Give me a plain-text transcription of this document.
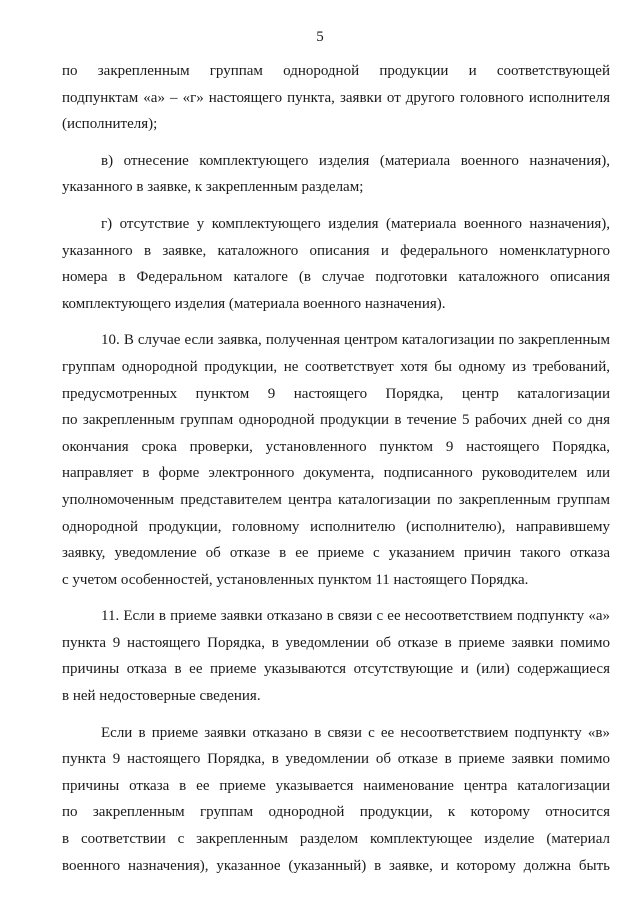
5
по закрепленным группам однородной продукции и соответствующей
подпунктам «а» – «г» настоящего пункта, заявки от другого головного исполнителя
(исполнителя);
в) отнесение комплектующего изделия (материала военного назначения),
указанного в заявке, к закрепленным разделам;
г) отсутствие у комплектующего изделия (материала военного назначения),
указанного в заявке, каталожного описания и федерального номенклатурного
номера в Федеральном каталоге (в случае подготовки каталожного описания
комплектующего изделия (материала военного назначения).
10. В случае если заявка, полученная центром каталогизации по закрепленным
группам однородной продукции, не соответствует хотя бы одному из требований,
предусмотренных пунктом 9 настоящего Порядка, центр каталогизации
по закрепленным группам однородной продукции в течение 5 рабочих дней со дня
окончания срока проверки, установленного пунктом 9 настоящего Порядка,
направляет в форме электронного документа, подписанного руководителем или
уполномоченным представителем центра каталогизации по закрепленным группам
однородной продукции, головному исполнителю (исполнителю), направившему
заявку, уведомление об отказе в ее приеме с указанием причин такого отказа
с учетом особенностей, установленных пунктом 11 настоящего Порядка.
11. Если в приеме заявки отказано в связи с ее несоответствием подпункту «а»
пункта 9 настоящего Порядка, в уведомлении об отказе в приеме заявки помимо
причины отказа в ее приеме указываются отсутствующие и (или) содержащиеся
в ней недостоверные сведения.
Если в приеме заявки отказано в связи с ее несоответствием подпункту «в»
пункта 9 настоящего Порядка, в уведомлении об отказе в приеме заявки помимо
причины отказа в ее приеме указывается наименование центра каталогизации
по закрепленным группам однородной продукции, к которому относится
в соответствии с закрепленным разделом комплектующее изделие (материал
военного назначения), указанное (указанный) в заявке, и которому должна быть
